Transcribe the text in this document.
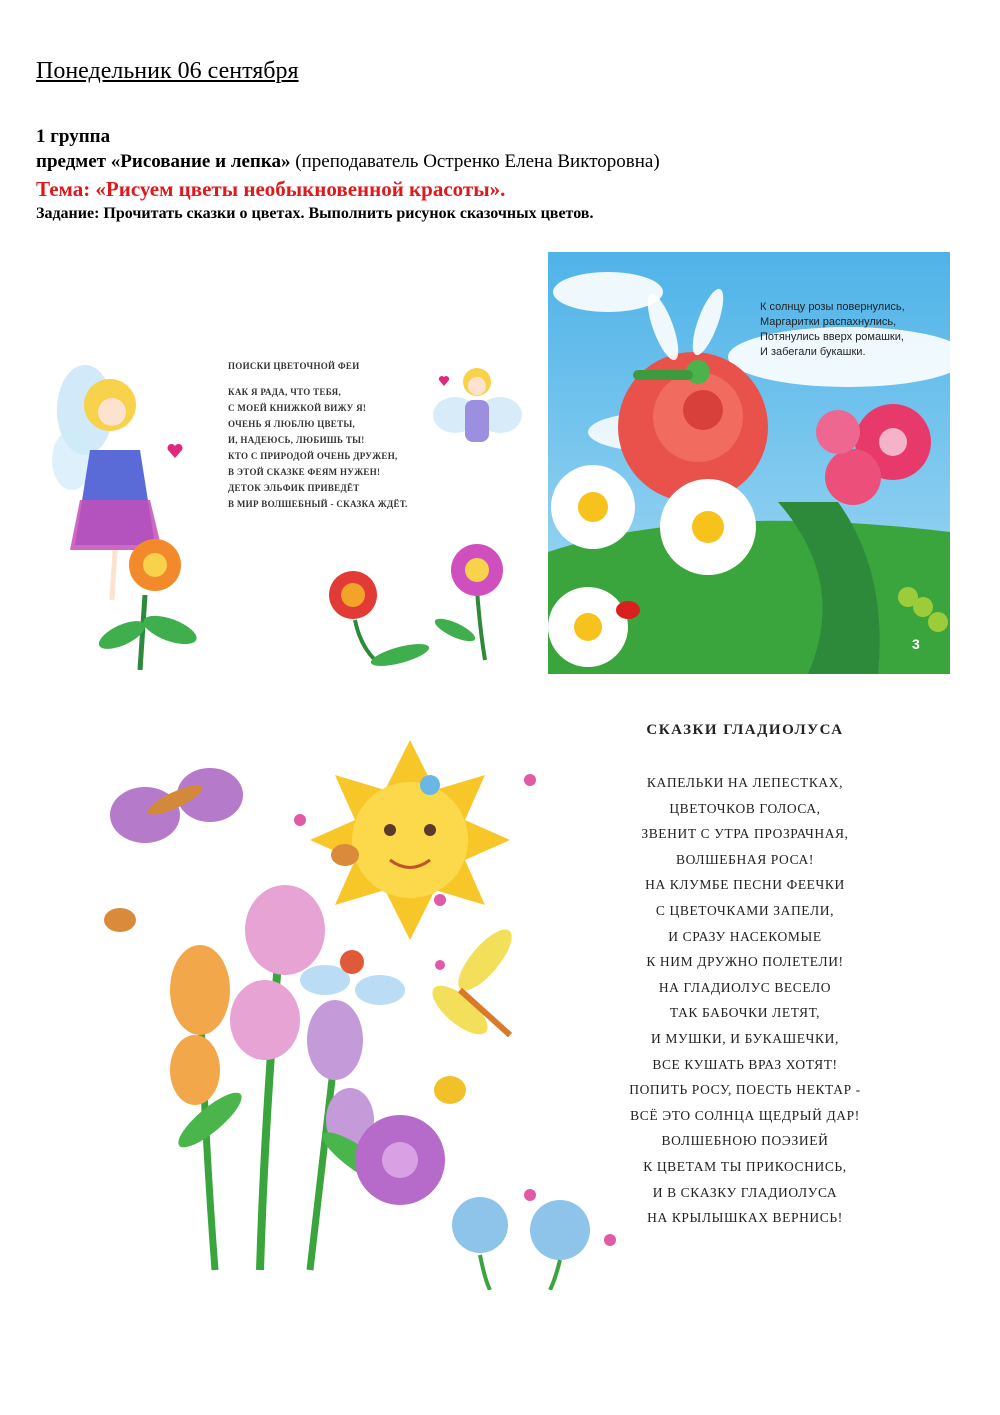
Понедельник 06 сентября
1 группа
предмет «Рисование и лепка» (преподаватель Остренко Елена Викторовна)
Тема: «Рисуем цветы необыкновенной красоты».
Задание: Прочитать сказки о цветах. Выполнить рисунок сказочных цветов.
ПОИСКИ ЦВЕТОЧНОЙ ФЕИ
КАК Я РАДА, ЧТО ТЕБЯ,
С МОЕЙ КНИЖКОЙ ВИЖУ Я!
ОЧЕНЬ Я ЛЮБЛЮ ЦВЕТЫ,
И, НАДЕЮСЬ, ЛЮБИШЬ ТЫ!
КТО С ПРИРОДОЙ ОЧЕНЬ ДРУЖЕН,
В ЭТОЙ СКАЗКЕ ФЕЯМ НУЖЕН!
ДЕТОК ЭЛЬФИК ПРИВЕДЁТ
В МИР ВОЛШЕБНЫЙ - СКАЗКА ЖДЁТ.
К солнцу розы повернулись,
Маргаритки распахнулись,
Потянулись вверх ромашки,
И забегали букашки.
3
СКАЗКИ ГЛАДИОЛУСА
КАПЕЛЬКИ НА ЛЕПЕСТКАХ,
ЦВЕТОЧКОВ ГОЛОСА,
ЗВЕНИТ С УТРА ПРОЗРАЧНАЯ,
ВОЛШЕБНАЯ РОСА!
НА КЛУМБЕ ПЕСНИ ФЕЕЧКИ
С ЦВЕТОЧКАМИ ЗАПЕЛИ,
И СРАЗУ НАСЕКОМЫЕ
К НИМ ДРУЖНО ПОЛЕТЕЛИ!
НА ГЛАДИОЛУС ВЕСЕЛО
ТАК БАБОЧКИ ЛЕТЯТ,
И МУШКИ, И БУКАШЕЧКИ,
ВСЕ КУШАТЬ ВРАЗ ХОТЯТ!
ПОПИТЬ РОСУ, ПОЕСТЬ НЕКТАР -
ВСЁ ЭТО СОЛНЦА ЩЕДРЫЙ ДАР!
ВОЛШЕБНОЮ ПОЭЗИЕЙ
К ЦВЕТАМ ТЫ ПРИКОСНИСЬ,
И В СКАЗКУ ГЛАДИОЛУСА
НА КРЫЛЫШКАХ ВЕРНИСЬ!
